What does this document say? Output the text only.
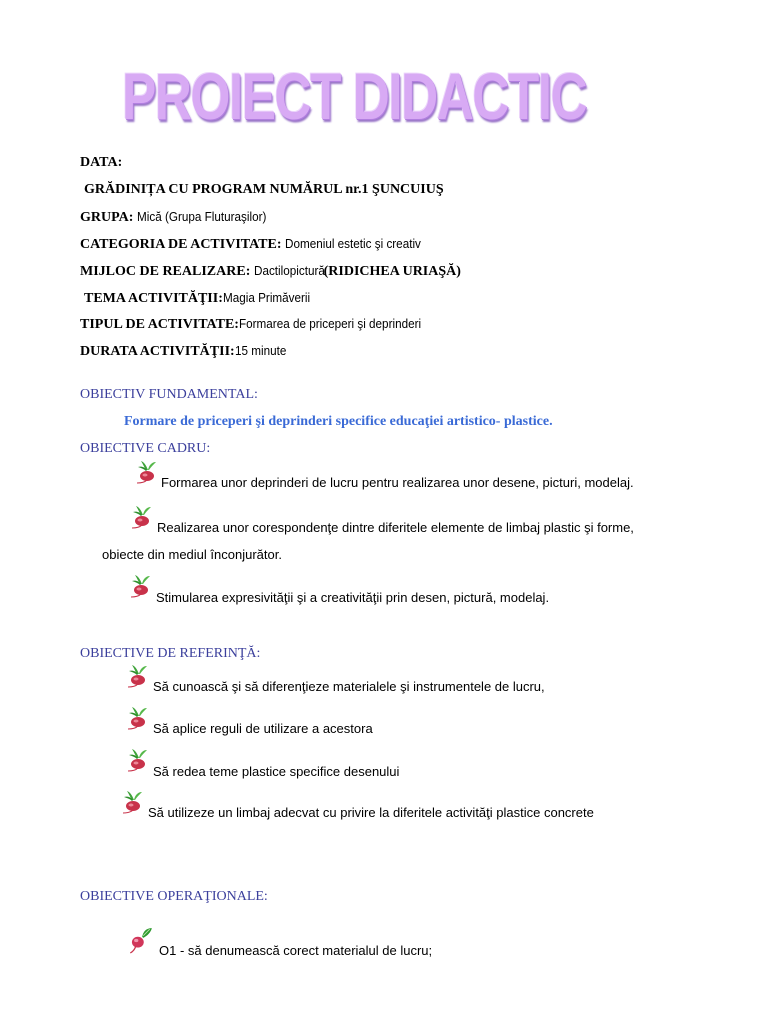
PROIECT DIDACTIC
DATA:
GRĂDINIȚA CU PROGRAM NUMĂRUL nr.1 ŞUNCUIUŞ
GRUPA: Mică (Grupa Fluturaşilor)
CATEGORIA DE ACTIVITATE: Domeniul estetic şi creativ
MIJLOC DE REALIZARE: Dactilopictură(RIDICHEA URIAŞĂ)
TEMA ACTIVITĂŢII:Magia Primăverii
TIPUL DE ACTIVITATE:Formarea de priceperi şi deprinderi
DURATA ACTIVITĂŢII:15 minute
OBIECTIV FUNDAMENTAL:
Formare de priceperi şi deprinderi specifice educaţiei artistico- plastice.
OBIECTIVE CADRU:
Formarea unor deprinderi de lucru pentru realizarea unor desene, picturi, modelaj.
Realizarea unor corespondenţe dintre diferitele elemente de limbaj plastic şi forme,
obiecte din mediul înconjurător.
Stimularea expresivităţii şi a creativităţii prin desen, pictură, modelaj.
OBIECTIVE DE REFERINŢĂ:
Să cunoască şi să diferenţieze materialele şi instrumentele de lucru,
Să aplice reguli de utilizare a acestora
Să redea teme plastice specifice desenului
Să utilizeze un limbaj adecvat cu privire la diferitele activităţi plastice concrete
OBIECTIVE OPERAŢIONALE:
O1 - să denumească corect materialul de lucru;
